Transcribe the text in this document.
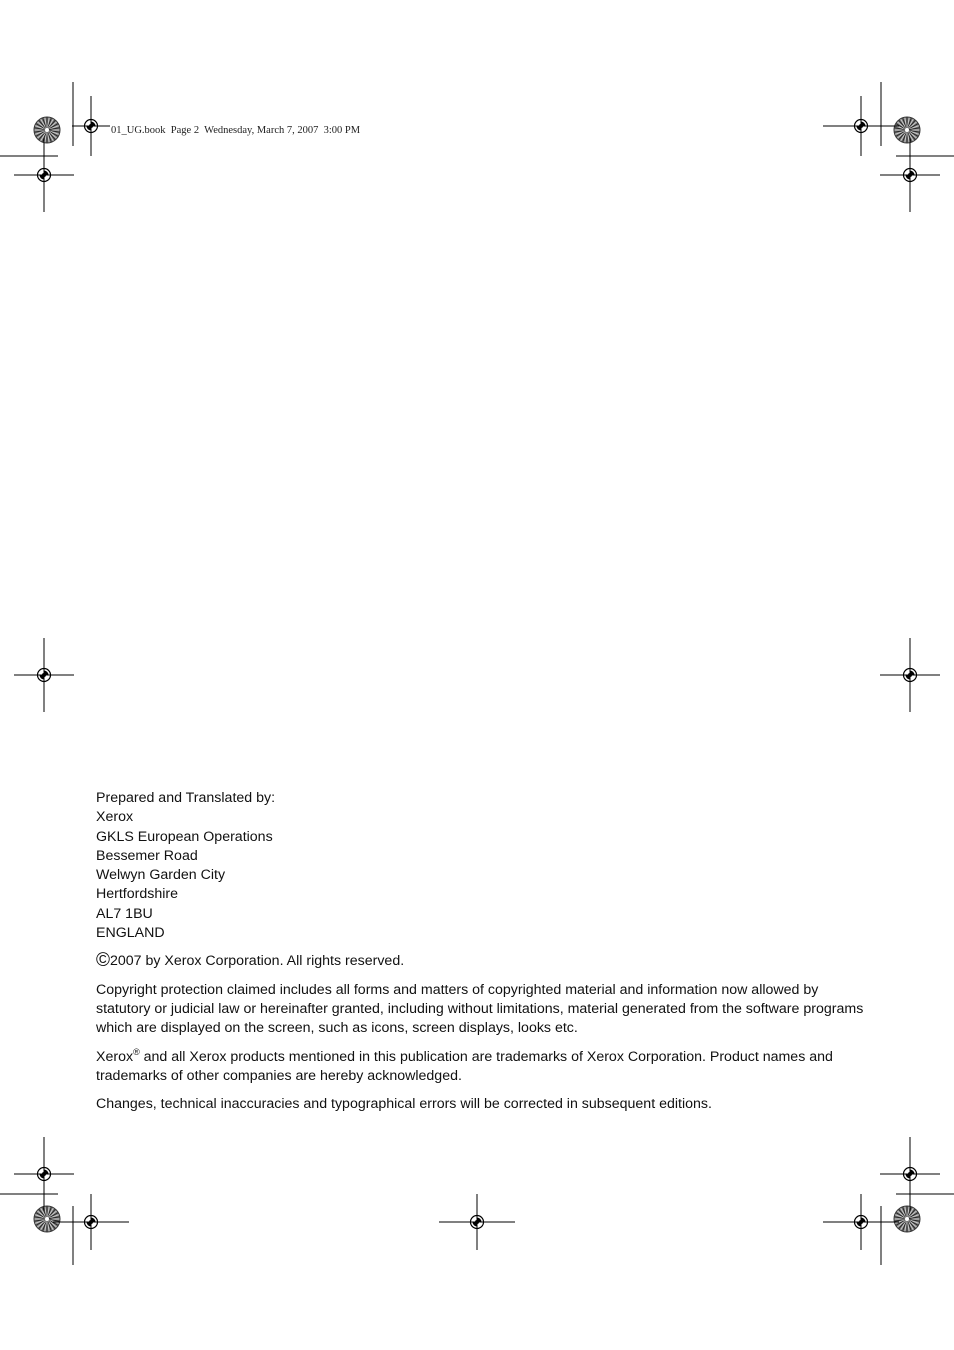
01_UG.book  Page 2  Wednesday, March 7, 2007  3:00 PM
Prepared and Translated by:
Xerox
GKLS European Operations
Bessemer Road
Welwyn Garden City
Hertfordshire
AL7 1BU
ENGLAND
©2007 by Xerox Corporation. All rights reserved.
Copyright protection claimed includes all forms and matters of copyrighted material and information now allowed by statutory or judicial law or hereinafter granted, including without limitations, material generated from the software programs which are displayed on the screen, such as icons, screen displays, looks etc.
Xerox® and all Xerox products mentioned in this publication are trademarks of Xerox Corporation. Product names and trademarks of other companies are hereby acknowledged.
Changes, technical inaccuracies and typographical errors will be corrected in subsequent editions.
